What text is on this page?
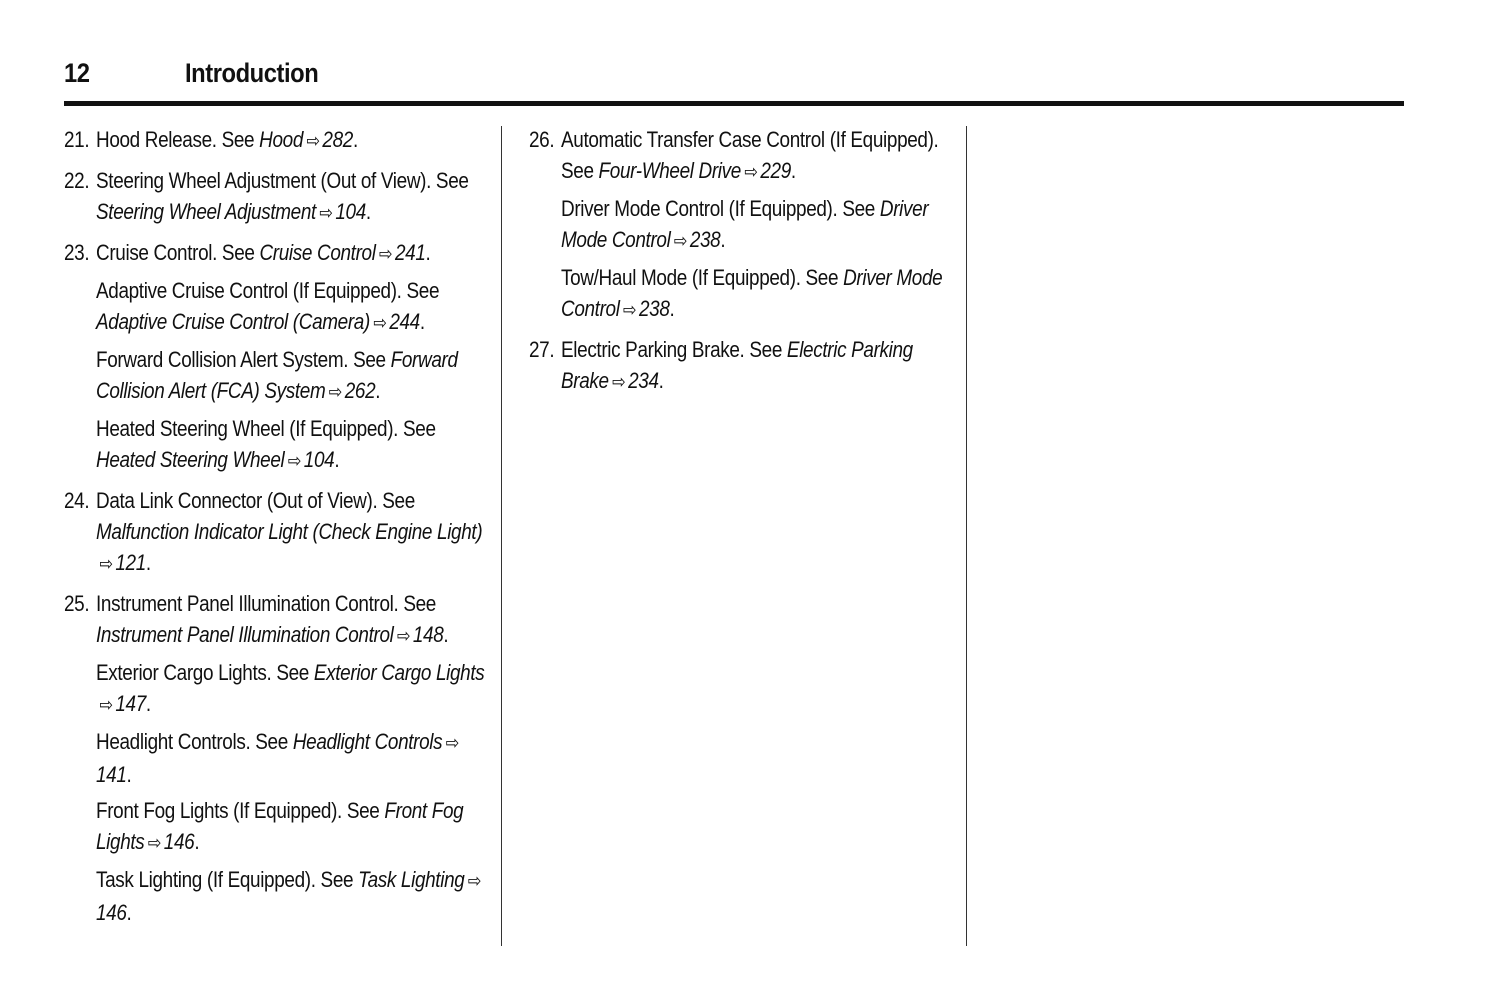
12	Introduction
21. Hood Release. See Hood ⇨ 282.
22. Steering Wheel Adjustment (Out of View). See Steering Wheel Adjustment ⇨ 104.
23. Cruise Control. See Cruise Control ⇨ 241.
Adaptive Cruise Control (If Equipped). See Adaptive Cruise Control (Camera) ⇨ 244.
Forward Collision Alert System. See Forward Collision Alert (FCA) System ⇨ 262.
Heated Steering Wheel (If Equipped). See Heated Steering Wheel ⇨ 104.
24. Data Link Connector (Out of View). See Malfunction Indicator Light (Check Engine Light)⇨ 121.
25. Instrument Panel Illumination Control. See Instrument Panel Illumination Control ⇨ 148.
Exterior Cargo Lights. See Exterior Cargo Lights⇨ 147.
Headlight Controls. See Headlight Controls ⇨141.
Front Fog Lights (If Equipped). See Front Fog Lights ⇨ 146.
Task Lighting (If Equipped). See Task Lighting ⇨146.
26. Automatic Transfer Case Control (If Equipped). See Four-Wheel Drive ⇨ 229.
Driver Mode Control (If Equipped). See Driver Mode Control ⇨ 238.
Tow/Haul Mode (If Equipped). See Driver Mode Control ⇨ 238.
27. Electric Parking Brake. See Electric Parking Brake ⇨ 234.
